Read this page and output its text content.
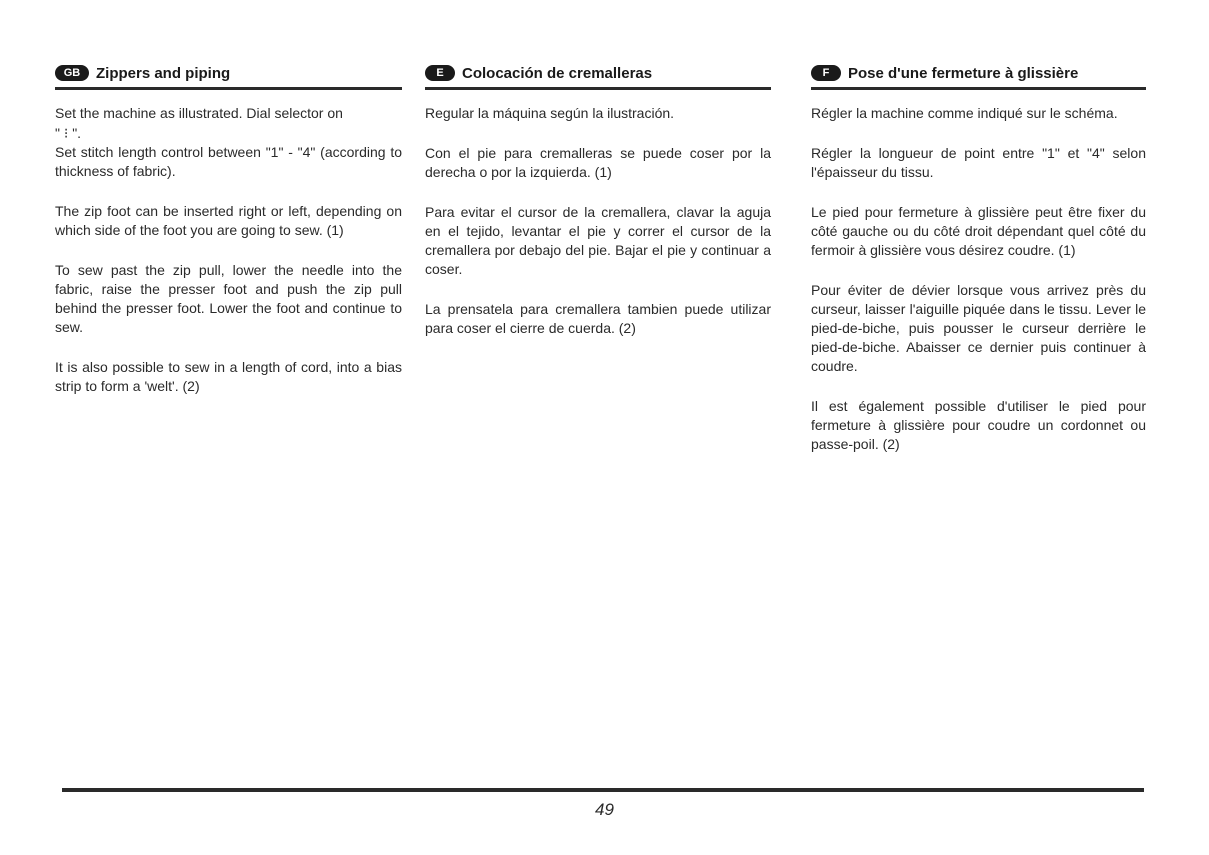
GB	Zippers and piping

Set the machine as illustrated. Dial selector on
" ⁝ ".
Set stitch length control between "1" - "4" (according to thickness of fabric).

The zip foot can be inserted right or left, depending on which side of the foot you are going to sew. (1)

To sew past the zip pull, lower the needle into the fabric, raise the presser foot and push the zip pull behind the presser foot. Lower the foot and continue to sew.

It is also possible to sew in a length of cord, into a bias strip to form a 'welt'. (2)

E	Colocación de cremalleras

Regular la máquina según la ilustración.

Con el pie para cremalleras se puede coser por la derecha o por la izquierda. (1)

Para evitar el cursor de la cremallera, clavar la aguja en el tejido, levantar el pie y correr el cursor de la cremallera por debajo del pie. Bajar el pie y continuar a coser.

La prensatela para cremallera tambien puede utilizar para coser el cierre de cuerda. (2)

F	Pose d'une fermeture à glissière

Régler la machine comme indiqué sur le schéma.

Régler la longueur de point entre "1" et "4" selon l'épaisseur du tissu.

Le pied pour fermeture à glissière peut être fixer du côté gauche ou du côté droit dépendant quel côté du fermoir à glissière vous désirez coudre. (1)

Pour éviter de dévier lorsque vous arrivez près du curseur, laisser l'aiguille piquée dans le tissu. Lever le pied-de-biche, puis pousser le curseur derrière le pied-de-biche. Abaisser ce dernier puis continuer à coudre.

Il est également possible d'utiliser le pied pour fermeture à glissière pour coudre un cordonnet ou passe-poil. (2)

49
